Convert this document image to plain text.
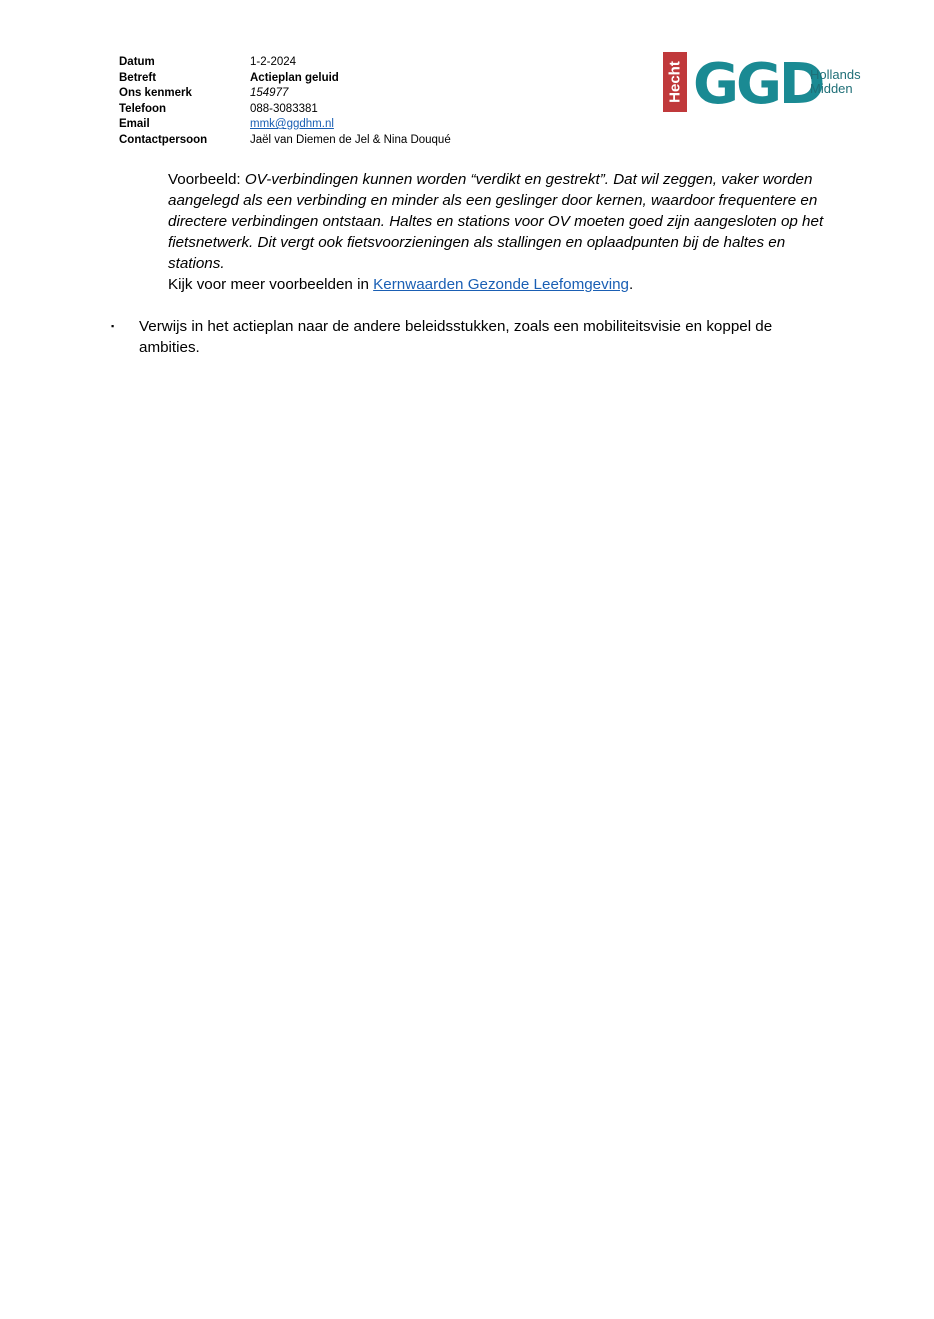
Datum	1-2-2024
Betreft	Actieplan geluid
Ons kenmerk	154977
Telefoon	088-3083381
Email	mmk@ggdhm.nl
Contactpersoon	Jaël van Diemen de Jel & Nina Douqué
Hecht GGD
Hollands
Midden
Voorbeeld: OV-verbindingen kunnen worden “verdikt en gestrekt”. Dat wil zeggen, vaker worden aangelegd als een verbinding en minder als een geslinger door kernen, waardoor frequentere en directere verbindingen ontstaan. Haltes en stations voor OV moeten goed zijn aangesloten op het fietsnetwerk. Dit vergt ook fietsvoorzieningen als stallingen en oplaadpunten bij de haltes en stations.
Kijk voor meer voorbeelden in Kernwaarden Gezonde Leefomgeving.
▪	Verwijs in het actieplan naar de andere beleidsstukken, zoals een mobiliteitsvisie en koppel de ambities.
